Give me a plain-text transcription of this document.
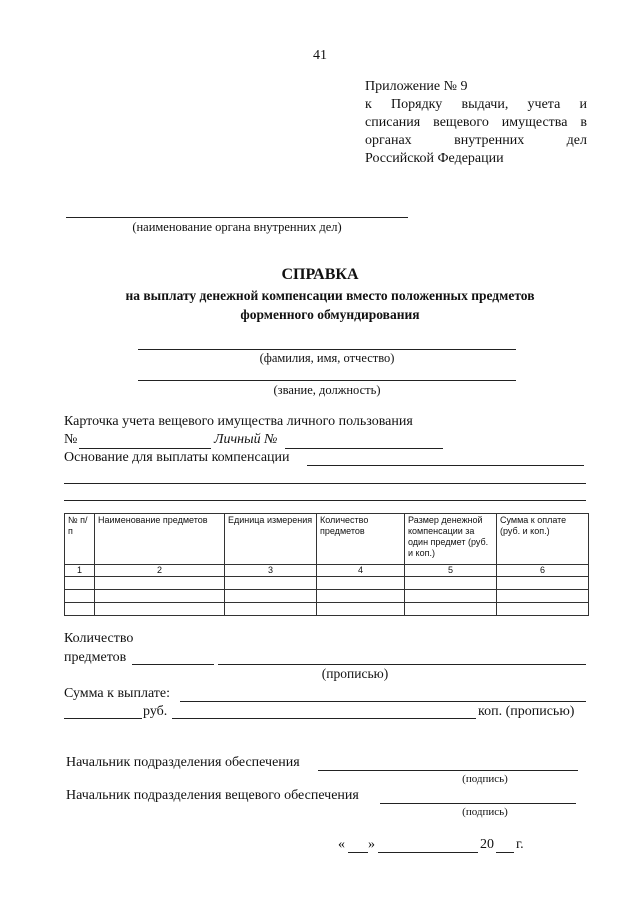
41
Приложение № 9
к Порядку выдачи, учета и
списания вещевого имущества в
органах внутренних дел
Российской Федерации
(наименование органа внутренних дел)
СПРАВКА
на выплату денежной компенсации вместо положенных предметов
форменного обмундирования
(фамилия, имя, отчество)
(звание, должность)
Карточка учета вещевого имущества личного пользования
№	Личный №
Основание для выплаты компенсации
№ п/п	Наименование предметов	Единица измерения	Количество предметов	Размер денежной компенсации за один предмет (руб. и коп.)	Сумма к оплате (руб. и коп.)
1	2	3	4	5	6

Количество
предметов
(прописью)
Сумма к выплате:
руб.	коп. (прописью)
Начальник подразделения обеспечения
(подпись)
Начальник подразделения вещевого обеспечения
(подпись)
« »	20 г.
